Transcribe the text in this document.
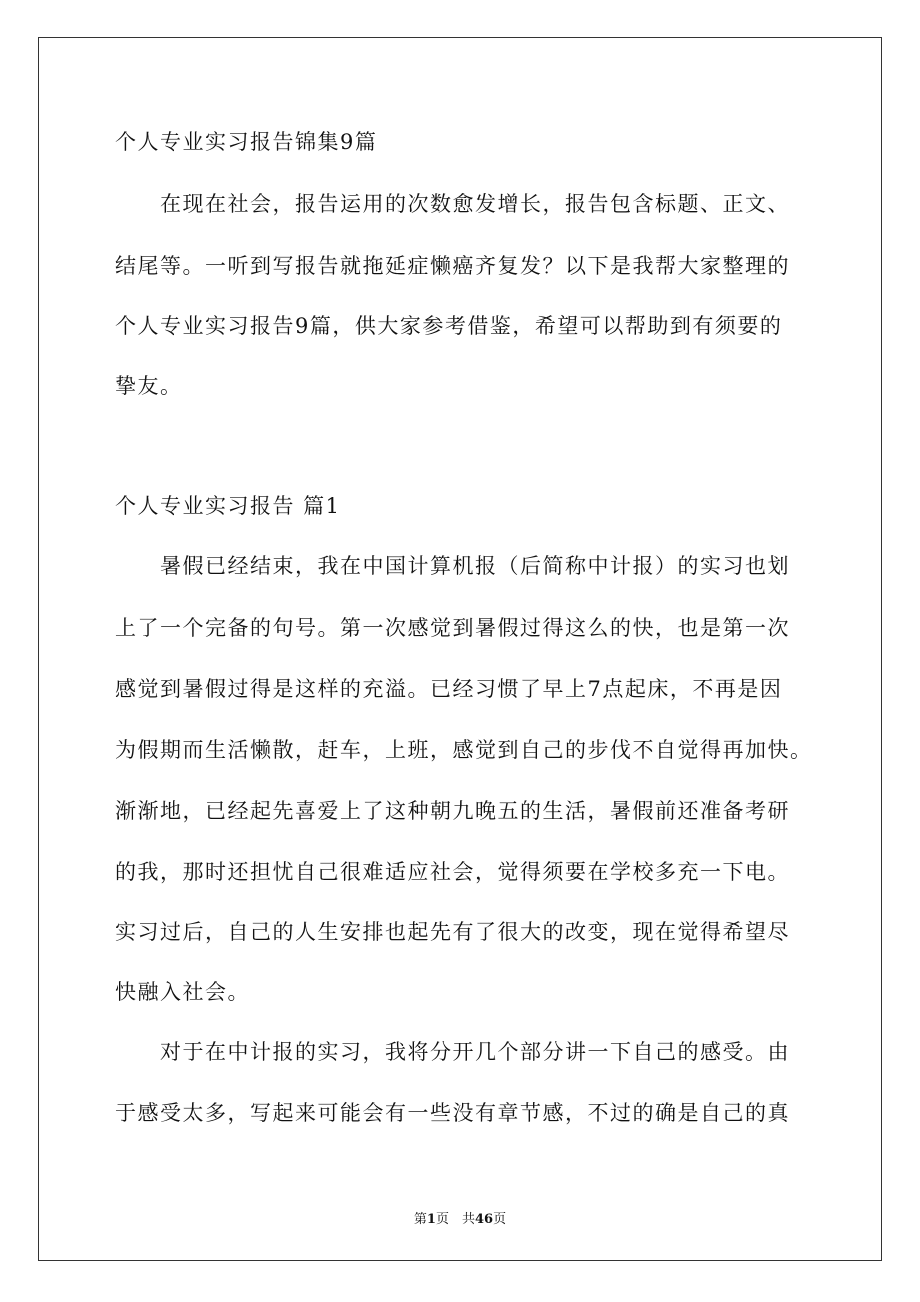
个人专业实习报告锦集9篇
在现在社会，报告运用的次数愈发增长，报告包含标题、正文、
结尾等。一听到写报告就拖延症懒癌齐复发？以下是我帮大家整理的
个人专业实习报告9篇，供大家参考借鉴，希望可以帮助到有须要的
挚友。
个人专业实习报告 篇1
暑假已经结束，我在中国计算机报（后简称中计报）的实习也划
上了一个完备的句号。第一次感觉到暑假过得这么的快，也是第一次
感觉到暑假过得是这样的充溢。已经习惯了早上7点起床，不再是因
为假期而生活懒散，赶车，上班，感觉到自己的步伐不自觉得再加快。
渐渐地，已经起先喜爱上了这种朝九晚五的生活，暑假前还准备考研
的我，那时还担忧自己很难适应社会，觉得须要在学校多充一下电。
实习过后，自己的人生安排也起先有了很大的改变，现在觉得希望尽
快融入社会。
对于在中计报的实习，我将分开几个部分讲一下自己的感受。由
于感受太多，写起来可能会有一些没有章节感，不过的确是自己的真
第1页　共46页
